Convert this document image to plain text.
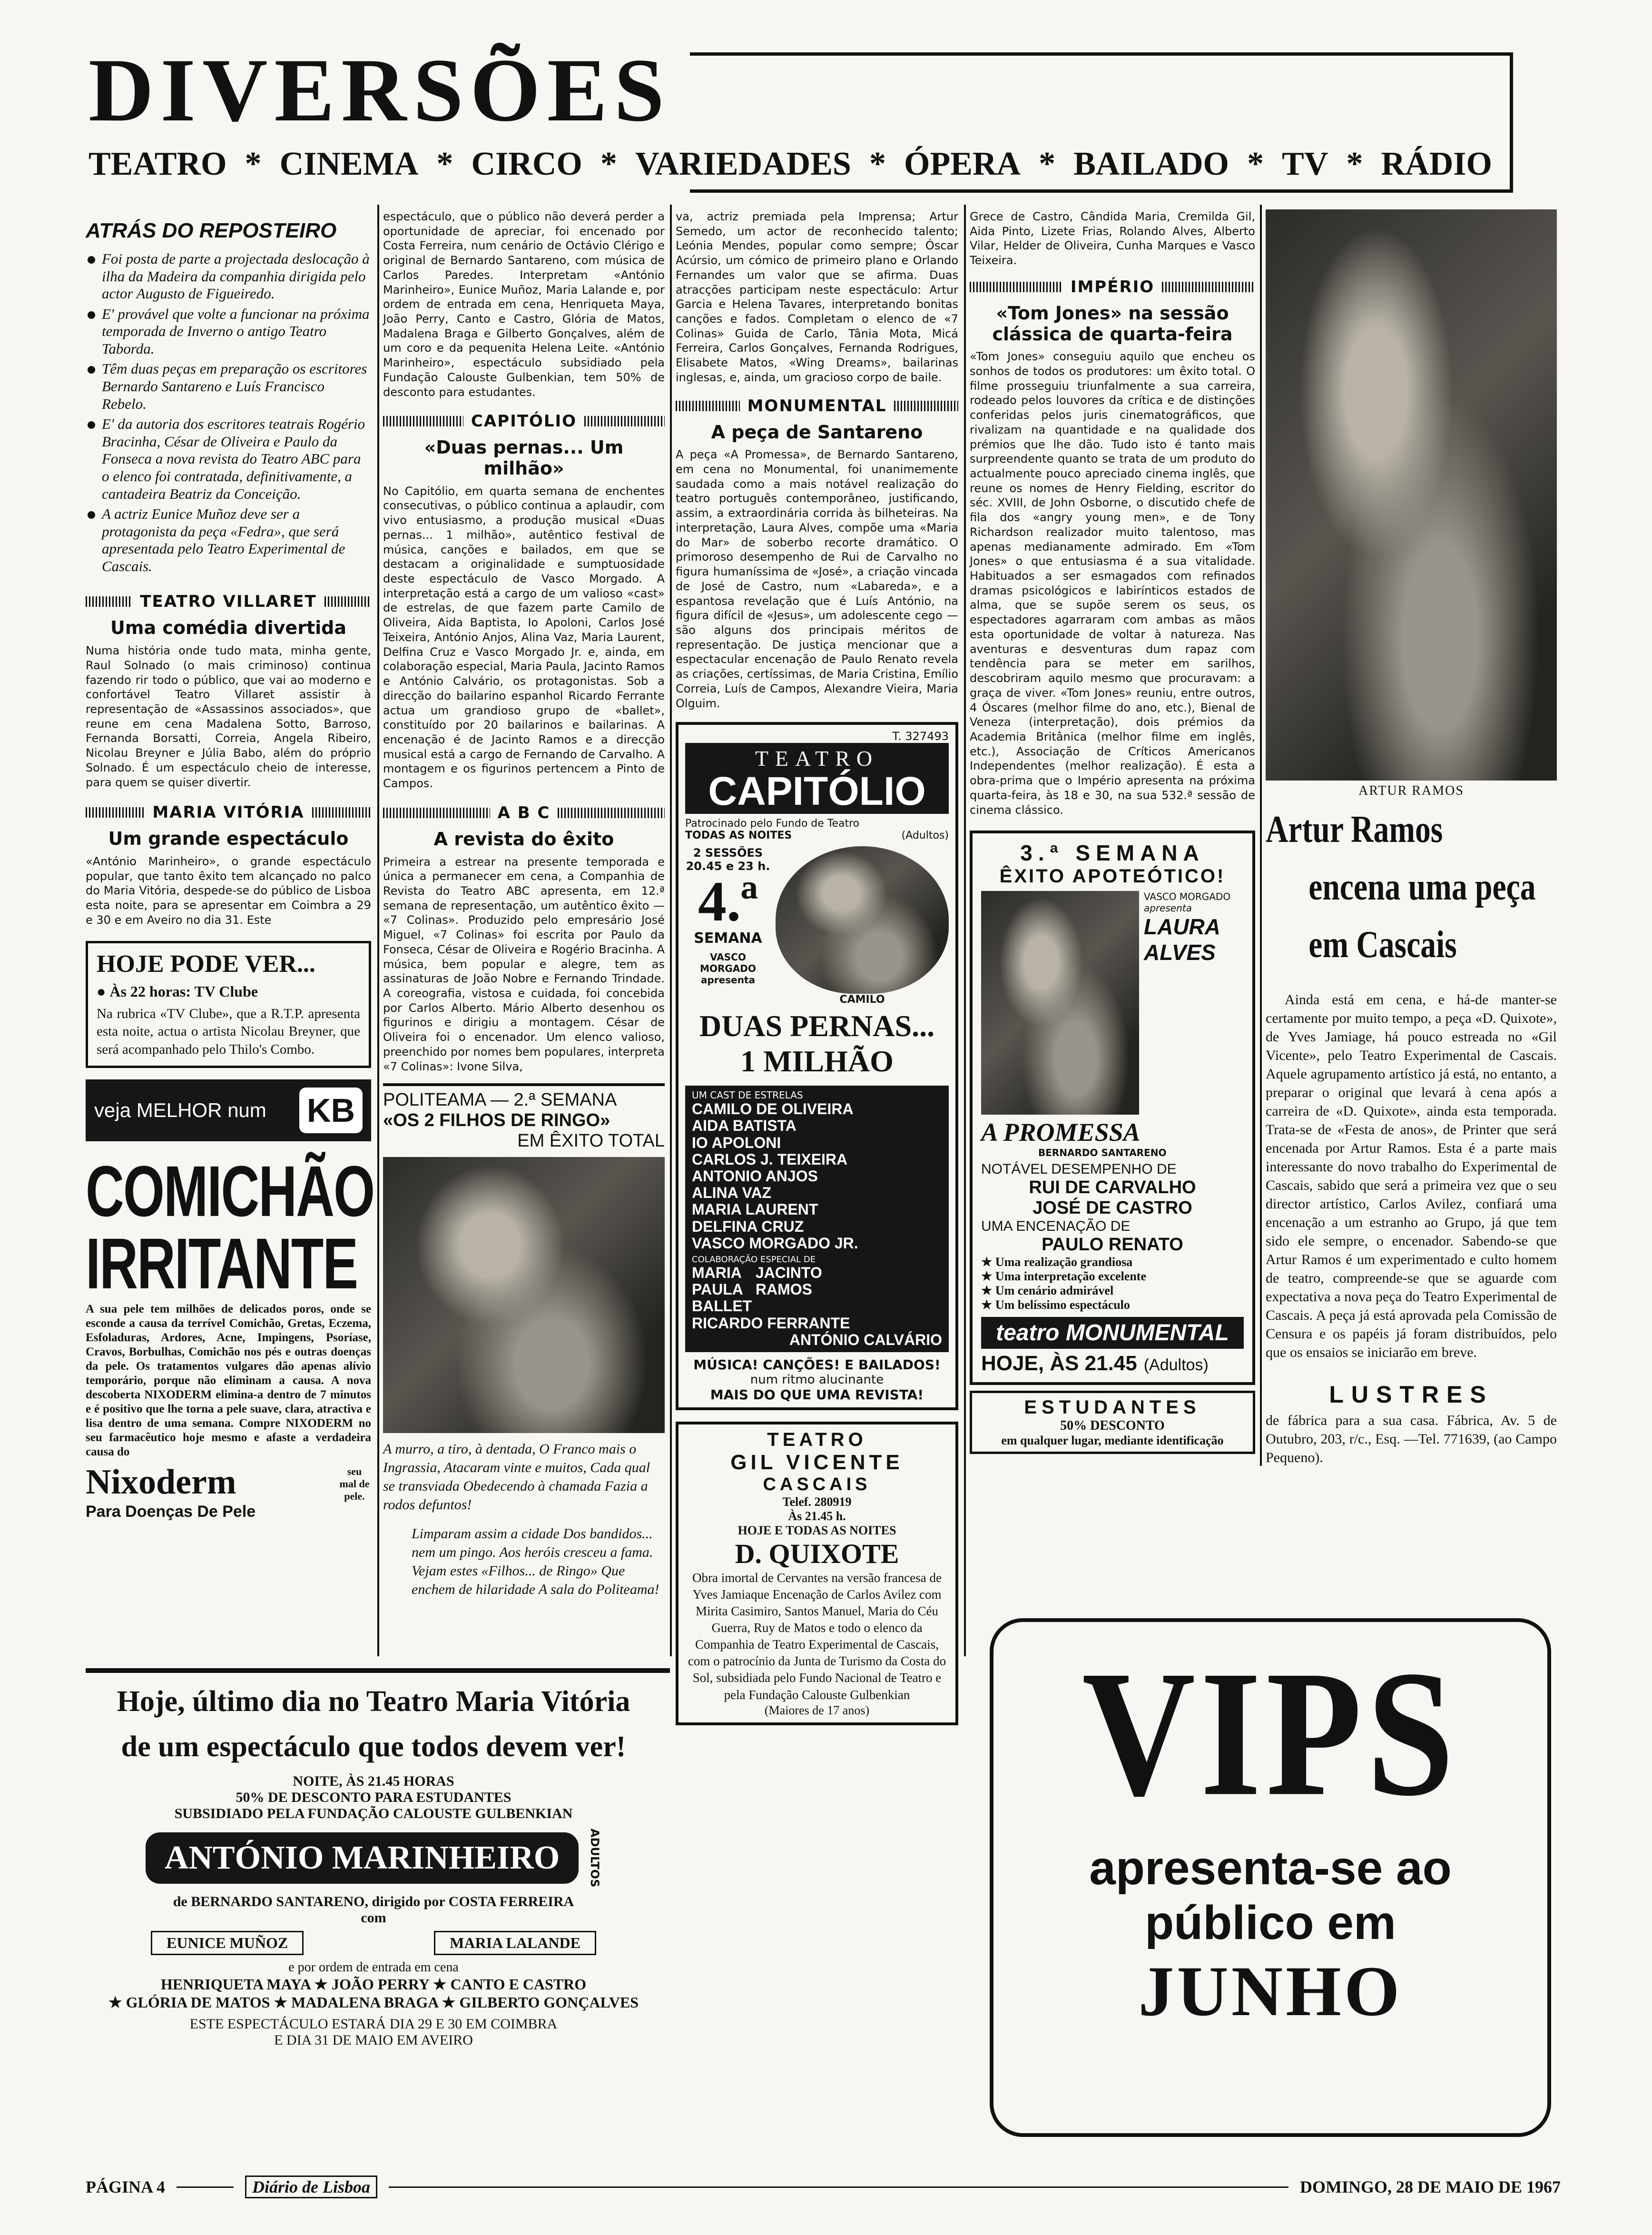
DIVERSÕES
TEATRO * CINEMA * CIRCO * VARIEDADES * ÓPERA * BAILADO * TV * RÁDIO
ATRÁS DO REPOSTEIRO
Foi posta de parte a projectada deslocação à ilha da Madeira da companhia dirigida pelo actor Augusto de Figueiredo.
E' provável que volte a funcionar na próxima temporada de Inverno o antigo Teatro Taborda.
Têm duas peças em preparação os escritores Bernardo Santareno e Luís Francisco Rebelo.
E' da autoria dos escritores teatrais Rogério Bracinha, César de Oliveira e Paulo da Fonseca a nova revista do Teatro ABC para o elenco foi contratada, definitivamente, a cantadeira Beatriz da Conceição.
A actriz Eunice Muñoz deve ser a protagonista da peça «Fedra», que será apresentada pelo Teatro Experimental de Cascais.
TEATRO VILLARET
Uma comédia divertida
Numa história onde tudo mata, minha gente, Raul Solnado (o mais criminoso) continua fazendo rir todo o público, que vai ao moderno e confortável Teatro Villaret assistir à representação de «Assassinos associados», que reune em cena Madalena Sotto, Barroso, Fernanda Borsatti, Correia, Angela Ribeiro, Nicolau Breyner e Júlia Babo, além do próprio Solnado. É um espectáculo cheio de interesse, para quem se quiser divertir.
MARIA VITÓRIA
Um grande espectáculo
«António Marinheiro», o grande espectáculo popular, que tanto êxito tem alcançado no palco do Maria Vitória, despede-se do público de Lisboa esta noite, para se apresentar em Coimbra a 29 e 30 e em Aveiro no dia 31. Este
HOJE PODE VER...
● Às 22 horas: TV Clube
Na rubrica «TV Clube», que a R.T.P. apresenta esta noite, actua o artista Nicolau Breyner, que será acompanhado pelo Thilo's Combo.
veja MELHOR num KB
COMICHÃO
IRRITANTE
A sua pele tem milhões de delicados poros, onde se esconde a causa da terrível Comichão, Gretas, Eczema, Esfoladuras, Ardores, Acne, Impingens, Psoríase, Cravos, Borbulhas, Comichão nos pés e outras doenças da pele. Os tratamentos vulgares dão apenas alívio temporário, porque não eliminam a causa. A nova descoberta NIXODERM elimina-a dentro de 7 minutos e é positivo que lhe torna a pele suave, clara, atractiva e lisa dentro de uma semana. Compre NIXODERM no seu farmacêutico hoje mesmo e afaste a verdadeira causa do
Nixoderm	seu mal de pele.
Para Doenças De Pele
espectáculo, que o público não deverá perder a oportunidade de apreciar, foi encenado por Costa Ferreira, num cenário de Octávio Clérigo e original de Bernardo Santareno, com música de Carlos Paredes. Interpretam «António Marinheiro», Eunice Muñoz, Maria Lalande e, por ordem de entrada em cena, Henriqueta Maya, João Perry, Canto e Castro, Glória de Matos, Madalena Braga e Gilberto Gonçalves, além de um coro e da pequenita Helena Leite. «António Marinheiro», espectáculo subsidiado pela Fundação Calouste Gulbenkian, tem 50% de desconto para estudantes.
CAPITÓLIO
«Duas pernas... Um milhão»
No Capitólio, em quarta semana de enchentes consecutivas, o público continua a aplaudir, com vivo entusiasmo, a produção musical «Duas pernas... 1 milhão», autêntico festival de música, canções e bailados, em que se destacam a originalidade e sumptuosidade deste espectáculo de Vasco Morgado. A interpretação está a cargo de um valioso «cast» de estrelas, de que fazem parte Camilo de Oliveira, Aida Baptista, Io Apoloni, Carlos José Teixeira, António Anjos, Alina Vaz, Maria Laurent, Delfina Cruz e Vasco Morgado Jr. e, ainda, em colaboração especial, Maria Paula, Jacinto Ramos e António Calvário, os protagonistas. Sob a direcção do bailarino espanhol Ricardo Ferrante actua um grandioso grupo de «ballet», constituído por 20 bailarinos e bailarinas. A encenação é de Jacinto Ramos e a direcção musical está a cargo de Fernando de Carvalho. A montagem e os figurinos pertencem a Pinto de Campos.
A B C
A revista do êxito
Primeira a estrear na presente temporada e única a permanecer em cena, a Companhia de Revista do Teatro ABC apresenta, em 12.ª semana de representação, um autêntico êxito — «7 Colinas». Produzido pelo empresário José Miguel, «7 Colinas» foi escrita por Paulo da Fonseca, César de Oliveira e Rogério Bracinha. A música, bem popular e alegre, tem as assinaturas de João Nobre e Fernando Trindade. A coreografia, vistosa e cuidada, foi concebida por Carlos Alberto. Mário Alberto desenhou os figurinos e dirigiu a montagem. César de Oliveira foi o encenador. Um elenco valioso, preenchido por nomes bem populares, interpreta «7 Colinas»: Ivone Silva,
POLITEAMA — 2.ª SEMANA
«OS 2 FILHOS DE RINGO»
EM ÊXITO TOTAL
A murro, a tiro, à dentada, O Franco mais o Ingrassia, Atacaram vinte e muitos, Cada qual se transviada Obedecendo à chamada Fazia a rodos defuntos!
Limparam assim a cidade Dos bandidos... nem um pingo. Aos heróis cresceu a fama. Vejam estes «Filhos... de Ringo» Que enchem de hilaridade A sala do Politeama!
va, actriz premiada pela Imprensa; Artur Semedo, um actor de reconhecido talento; Leónia Mendes, popular como sempre; Óscar Acúrsio, um cómico de primeiro plano e Orlando Fernandes um valor que se afirma. Duas atracções participam neste espectáculo: Artur Garcia e Helena Tavares, interpretando bonitas canções e fados. Completam o elenco de «7 Colinas» Guida de Carlo, Tânia Mota, Micá Ferreira, Carlos Gonçalves, Fernanda Rodrigues, Elisabete Matos, «Wing Dreams», bailarinas inglesas, e, ainda, um gracioso corpo de baile.
MONUMENTAL
A peça de Santareno
A peça «A Promessa», de Bernardo Santareno, em cena no Monumental, foi unanimemente saudada como a mais notável realização do teatro português contemporâneo, justificando, assim, a extraordinária corrida às bilheteiras. Na interpretação, Laura Alves, compõe uma «Maria do Mar» de soberbo recorte dramático. O primoroso desempenho de Rui de Carvalho no figura humaníssima de «José», a criação vincada de José de Castro, num «Labareda», e a espantosa revelação que é Luís António, na figura difícil de «Jesus», um adolescente cego — são alguns dos principais méritos de representação. De justiça mencionar que a espectacular encenação de Paulo Renato revela as criações, certíssimas, de Maria Cristina, Emílio Correia, Luís de Campos, Alexandre Vieira, Maria Olguim.
T. 327493
TEATRO
CAPITÓLIO
Patrocinado pelo Fundo de Teatro
TODAS AS NOITES	(Adultos)
2 SESSÕES
20.45 e 23 h.
4.ª
SEMANA
VASCO MORGADO
apresenta
CAMILO
DUAS PERNAS...
1 MILHÃO
UM CAST DE ESTRELAS
CAMILO DE OLIVEIRA
AIDA BATISTA
IO APOLONI
CARLOS J. TEIXEIRA
ANTONIO ANJOS
ALINA VAZ
MARIA LAURENT
DELFINA CRUZ
VASCO MORGADO JR.
COLABORAÇÃO ESPECIAL DE
MARIA
PAULA
JACINTO
RAMOS
BALLET
RICARDO FERRANTE
ANTÓNIO CALVÁRIO
MÚSICA! CANÇÕES! E BAILADOS!
num ritmo alucinante
MAIS DO QUE UMA REVISTA!
TEATRO
GIL VICENTE
CASCAIS
Telef. 280919
Às 21.45 h.
HOJE E TODAS AS NOITES
D. QUIXOTE
Obra imortal de Cervantes na versão francesa de Yves Jamiaque Encenação de Carlos Avilez com Mirita Casimiro, Santos Manuel, Maria do Céu Guerra, Ruy de Matos e todo o elenco da Companhia de Teatro Experimental de Cascais, com o patrocínio da Junta de Turismo da Costa do Sol, subsidiada pelo Fundo Nacional de Teatro e pela Fundação Calouste Gulbenkian
(Maiores de 17 anos)
Grece de Castro, Cândida Maria, Cremilda Gil, Aida Pinto, Lizete Frias, Rolando Alves, Alberto Vilar, Helder de Oliveira, Cunha Marques e Vasco Teixeira.
IMPÉRIO
«Tom Jones» na sessão clássica de quarta-feira
«Tom Jones» conseguiu aquilo que encheu os sonhos de todos os produtores: um êxito total. O filme prosseguiu triunfalmente a sua carreira, rodeado pelos louvores da crítica e de distinções conferidas pelos juris cinematográficos, que rivalizam na quantidade e na qualidade dos prémios que lhe dão. Tudo isto é tanto mais surpreendente quanto se trata de um produto do actualmente pouco apreciado cinema inglês, que reune os nomes de Henry Fielding, escritor do séc. XVIII, de John Osborne, o discutido chefe de fila dos «angry young men», e de Tony Richardson realizador muito talentoso, mas apenas medianamente admirado. Em «Tom Jones» o que entusiasma é a sua vitalidade. Habituados a ser esmagados com refinados dramas psicológicos e labirínticos estados de alma, que se supõe serem os seus, os espectadores agarraram com ambas as mãos esta oportunidade de voltar à natureza. Nas aventuras e desventuras dum rapaz com tendência para se meter em sarilhos, descobriram aquilo mesmo que procuravam: a graça de viver. «Tom Jones» reuniu, entre outros, 4 Óscares (melhor filme do ano, etc.), Bienal de Veneza (interpretação), dois prémios da Academia Britânica (melhor filme em inglês, etc.), Associação de Críticos Americanos Independentes (melhor realização). É esta a obra-prima que o Império apresenta na próxima quarta-feira, às 18 e 30, na sua 532.ª sessão de cinema clássico.
3.ª SEMANA
ÊXITO APOTEÓTICO!
VASCO MORGADO
apresenta
LAURA
ALVES
A PROMESSA
BERNARDO SANTARENO
NOTÁVEL DESEMPENHO DE
RUI DE CARVALHO
JOSÉ DE CASTRO
UMA ENCENAÇÃO DE
PAULO RENATO
★ Uma realização grandiosa
★ Uma interpretação excelente
★ Um cenário admirável
★ Um belíssimo espectáculo
teatro MONUMENTAL
HOJE, ÀS 21.45 (Adultos)
ESTUDANTES
50% DESCONTO
em qualquer lugar, mediante identificação
ARTUR RAMOS
Artur Ramos
encena uma peça
em Cascais
Ainda está em cena, e há-de manter-se certamente por muito tempo, a peça «D. Quixote», de Yves Jamiage, há pouco estreada no «Gil Vicente», pelo Teatro Experimental de Cascais. Aquele agrupamento artístico já está, no entanto, a preparar o original que levará à cena após a carreira de «D. Quixote», ainda esta temporada. Trata-se de «Festa de anos», de Printer que será encenada por Artur Ramos. Esta é a parte mais interessante do novo trabalho do Experimental de Cascais, sabido que será a primeira vez que o seu director artístico, Carlos Avilez, confiará uma encenação a um estranho ao Grupo, já que tem sido ele sempre, o encenador. Sabendo-se que Artur Ramos é um experimentado e culto homem de teatro, compreende-se que se aguarde com expectativa a nova peça do Teatro Experimental de Cascais. A peça já está aprovada pela Comissão de Censura e os papéis já foram distribuídos, pelo que os ensaios se iniciarão em breve.
LUSTRES
de fábrica para a sua casa. Fábrica, Av. 5 de Outubro, 203, r/c., Esq. —Tel. 771639, (ao Campo Pequeno).
VIPS
apresenta-se ao
público em
JUNHO
Hoje, último dia no Teatro Maria Vitória
de um espectáculo que todos devem ver!
NOITE, ÀS 21.45 HORAS
50% DE DESCONTO PARA ESTUDANTES
SUBSIDIADO PELA FUNDAÇÃO CALOUSTE GULBENKIAN
ANTÓNIO MARINHEIRO	ADULTOS
de BERNARDO SANTARENO, dirigido por COSTA FERREIRA
com
EUNICE MUÑOZ	MARIA LALANDE
e por ordem de entrada em cena
HENRIQUETA MAYA ★ JOÃO PERRY ★ CANTO E CASTRO
★ GLÓRIA DE MATOS ★ MADALENA BRAGA ★ GILBERTO GONÇALVES
ESTE ESPECTÁCULO ESTARÁ DIA 29 E 30 EM COIMBRA
E DIA 31 DE MAIO EM AVEIRO
PÁGINA 4	Diário de Lisboa	DOMINGO, 28 DE MAIO DE 1967
